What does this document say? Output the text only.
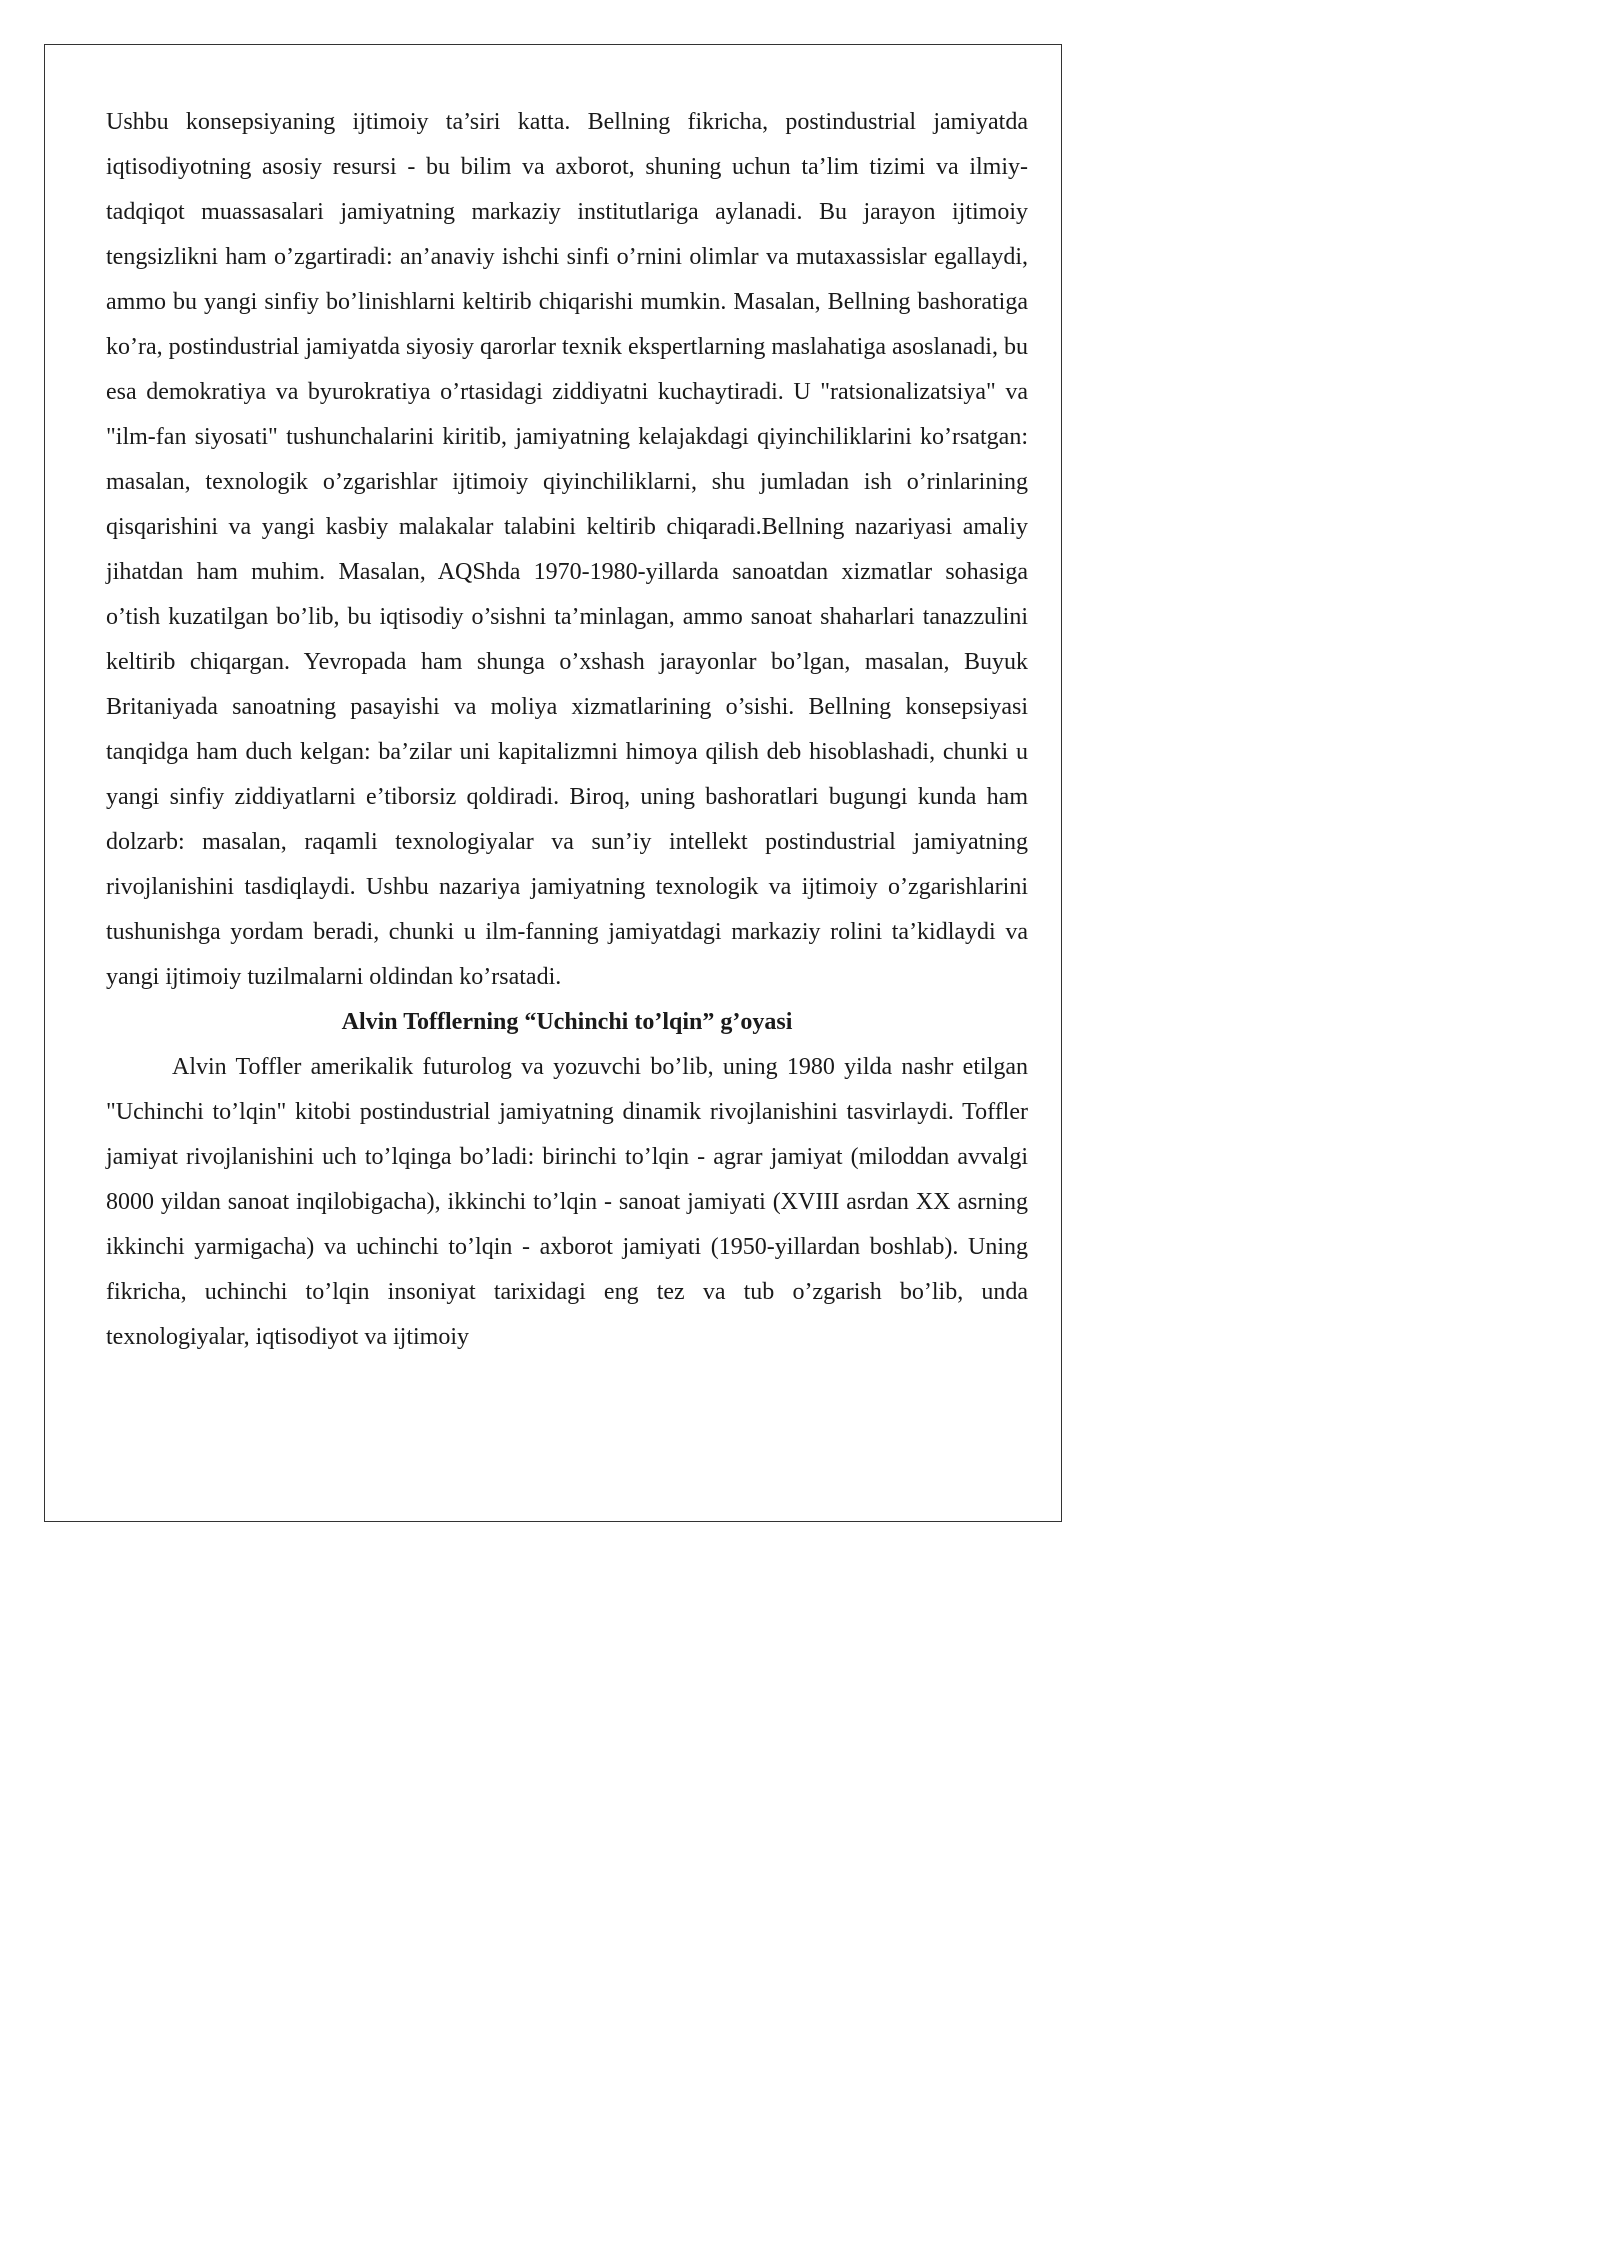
Ushbu konsepsiyaning ijtimoiy ta’siri katta. Bellning fikricha, postindustrial jamiyatda iqtisodiyotning asosiy resursi - bu bilim va axborot, shuning uchun ta’lim tizimi va ilmiy-tadqiqot muassasalari jamiyatning markaziy institutlariga aylanadi. Bu jarayon ijtimoiy tengsizlikni ham o’zgartiradi: an’anaviy ishchi sinfi o’rnini olimlar va mutaxassislar egallaydi, ammo bu yangi sinfiy bo’linishlarni keltirib chiqarishi mumkin. Masalan, Bellning bashoratiga ko’ra, postindustrial jamiyatda siyosiy qarorlar texnik ekspertlarning maslahatiga asoslanadi, bu esa demokratiya va byurokratiya o’rtasidagi ziddiyatni kuchaytiradi. U "ratsionalizatsiya" va "ilm-fan siyosati" tushunchalarini kiritib, jamiyatning kelajakdagi qiyinchiliklarini ko’rsatgan: masalan, texnologik o’zgarishlar ijtimoiy qiyinchiliklarni, shu jumladan ish o’rinlarining qisqarishini va yangi kasbiy malakalar talabini keltirib chiqaradi.Bellning nazariyasi amaliy jihatdan ham muhim. Masalan, AQShda 1970-1980-yillarda sanoatdan xizmatlar sohasiga o’tish kuzatilgan bo’lib, bu iqtisodiy o’sishni ta’minlagan, ammo sanoat shaharlari tanazzulini keltirib chiqargan. Yevropada ham shunga o’xshash jarayonlar bo’lgan, masalan, Buyuk Britaniyada sanoatning pasayishi va moliya xizmatlarining o’sishi. Bellning konsepsiyasi tanqidga ham duch kelgan: ba’zilar uni kapitalizmni himoya qilish deb hisoblashadi, chunki u yangi sinfiy ziddiyatlarni e’tiborsiz qoldiradi. Biroq, uning bashoratlari bugungi kunda ham dolzarb: masalan, raqamli texnologiyalar va sun’iy intellekt postindustrial jamiyatning rivojlanishini tasdiqlaydi. Ushbu nazariya jamiyatning texnologik va ijtimoiy o’zgarishlarini tushunishga yordam beradi, chunki u ilm-fanning jamiyatdagi markaziy rolini ta’kidlaydi va yangi ijtimoiy tuzilmalarni oldindan ko’rsatadi.

Alvin Tofflerning “Uchinchi to’lqin” g’oyasi

Alvin Toffler amerikalik futurolog va yozuvchi bo’lib, uning 1980 yilda nashr etilgan "Uchinchi to’lqin" kitobi postindustrial jamiyatning dinamik rivojlanishini tasvirlaydi. Toffler jamiyat rivojlanishini uch to’lqinga bo’ladi: birinchi to’lqin - agrar jamiyat (miloddan avvalgi 8000 yildan sanoat inqilobigacha), ikkinchi to’lqin - sanoat jamiyati (XVIII asrdan XX asrning ikkinchi yarmigacha) va uchinchi to’lqin - axborot jamiyati (1950-yillardan boshlab). Uning fikricha, uchinchi to’lqin insoniyat tarixidagi eng tez va tub o’zgarish bo’lib, unda texnologiyalar, iqtisodiyot va ijtimoiy
